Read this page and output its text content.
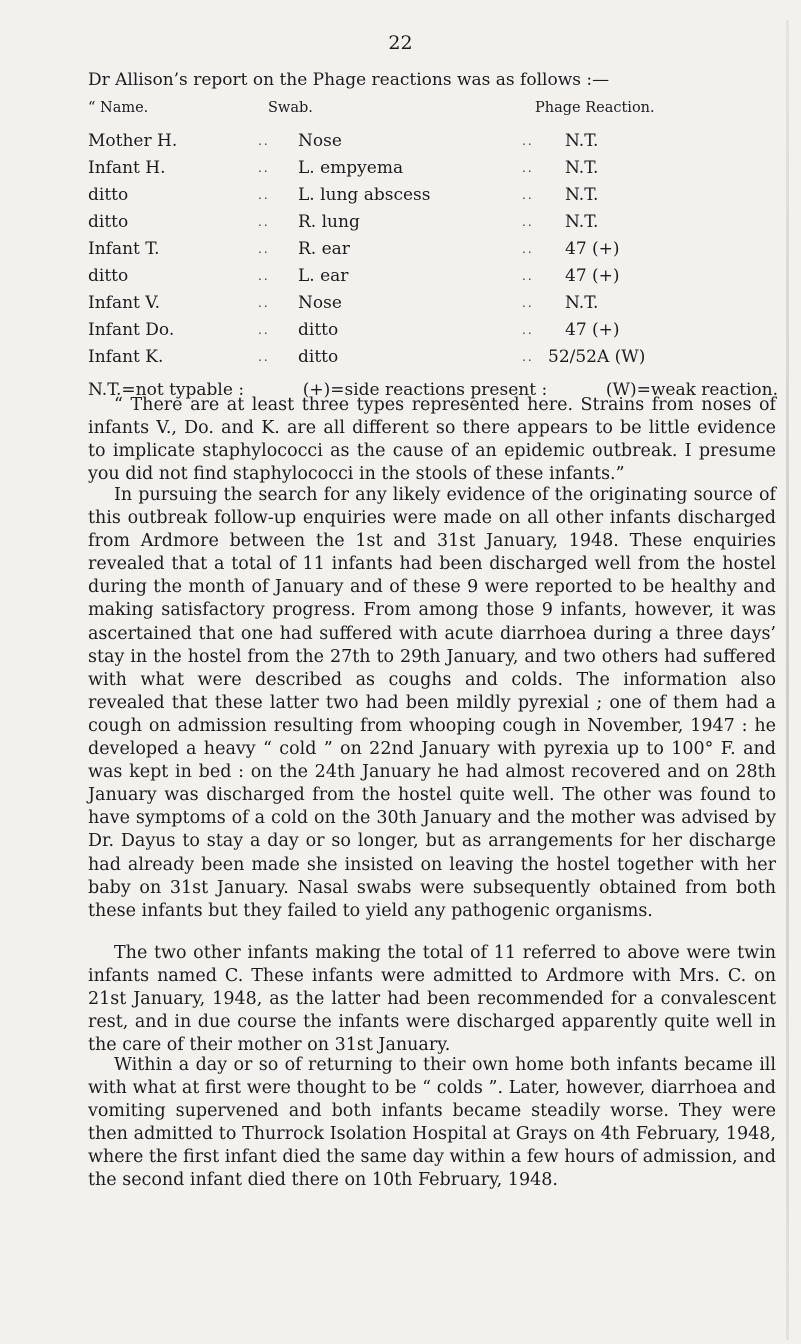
22
Dr Allison’s report on the Phage reactions was as follows :—
“ Name.	Swab.	Phage Reaction.
Mother H.	.. Nose	.. N.T.
Infant H.	.. L. empyema	.. N.T.
ditto	.. L. lung abscess	.. N.T.
ditto	.. R. lung	.. N.T.
Infant T.	.. R. ear	.. 47 (+)
ditto	.. L. ear	.. 47 (+)
Infant V.	.. Nose	.. N.T.
Infant Do.	.. ditto	.. 47 (+)
Infant K.	.. ditto	.. 52/52A (W)
N.T.=not typable :	(+)=side reactions present :	(W)=weak reaction.

“ There are at least three types represented here. Strains from noses of infants V., Do. and K. are all different so there appears to be little evidence to implicate staphylococci as the cause of an epidemic outbreak. I presume you did not find staphylococci in the stools of these infants.”

In pursuing the search for any likely evidence of the originating source of this outbreak follow-up enquiries were made on all other infants discharged from Ardmore between the 1st and 31st January, 1948. These enquiries revealed that a total of 11 infants had been discharged well from the hostel during the month of January and of these 9 were reported to be healthy and making satisfactory progress. From among those 9 infants, however, it was ascertained that one had suffered with acute diarrhoea during a three days’ stay in the hostel from the 27th to 29th January, and two others had suffered with what were described as coughs and colds. The information also revealed that these latter two had been mildly pyrexial ; one of them had a cough on admission resulting from whooping cough in November, 1947 : he developed a heavy “ cold ” on 22nd January with pyrexia up to 100° F. and was kept in bed : on the 24th January he had almost recovered and on 28th January was discharged from the hostel quite well. The other was found to have symptoms of a cold on the 30th January and the mother was advised by Dr. Dayus to stay a day or so longer, but as arrangements for her discharge had already been made she insisted on leaving the hostel together with her baby on 31st January. Nasal swabs were subsequently obtained from both these infants but they failed to yield any pathogenic organisms.

The two other infants making the total of 11 referred to above were twin infants named C. These infants were admitted to Ardmore with Mrs. C. on 21st January, 1948, as the latter had been recommended for a convalescent rest, and in due course the infants were discharged apparently quite well in the care of their mother on 31st January.

Within a day or so of returning to their own home both infants became ill with what at first were thought to be “ colds ”. Later, however, diarrhoea and vomiting supervened and both infants became steadily worse. They were then admitted to Thurrock Isolation Hospital at Grays on 4th February, 1948, where the first infant died the same day within a few hours of admission, and the second infant died there on 10th February, 1948.
